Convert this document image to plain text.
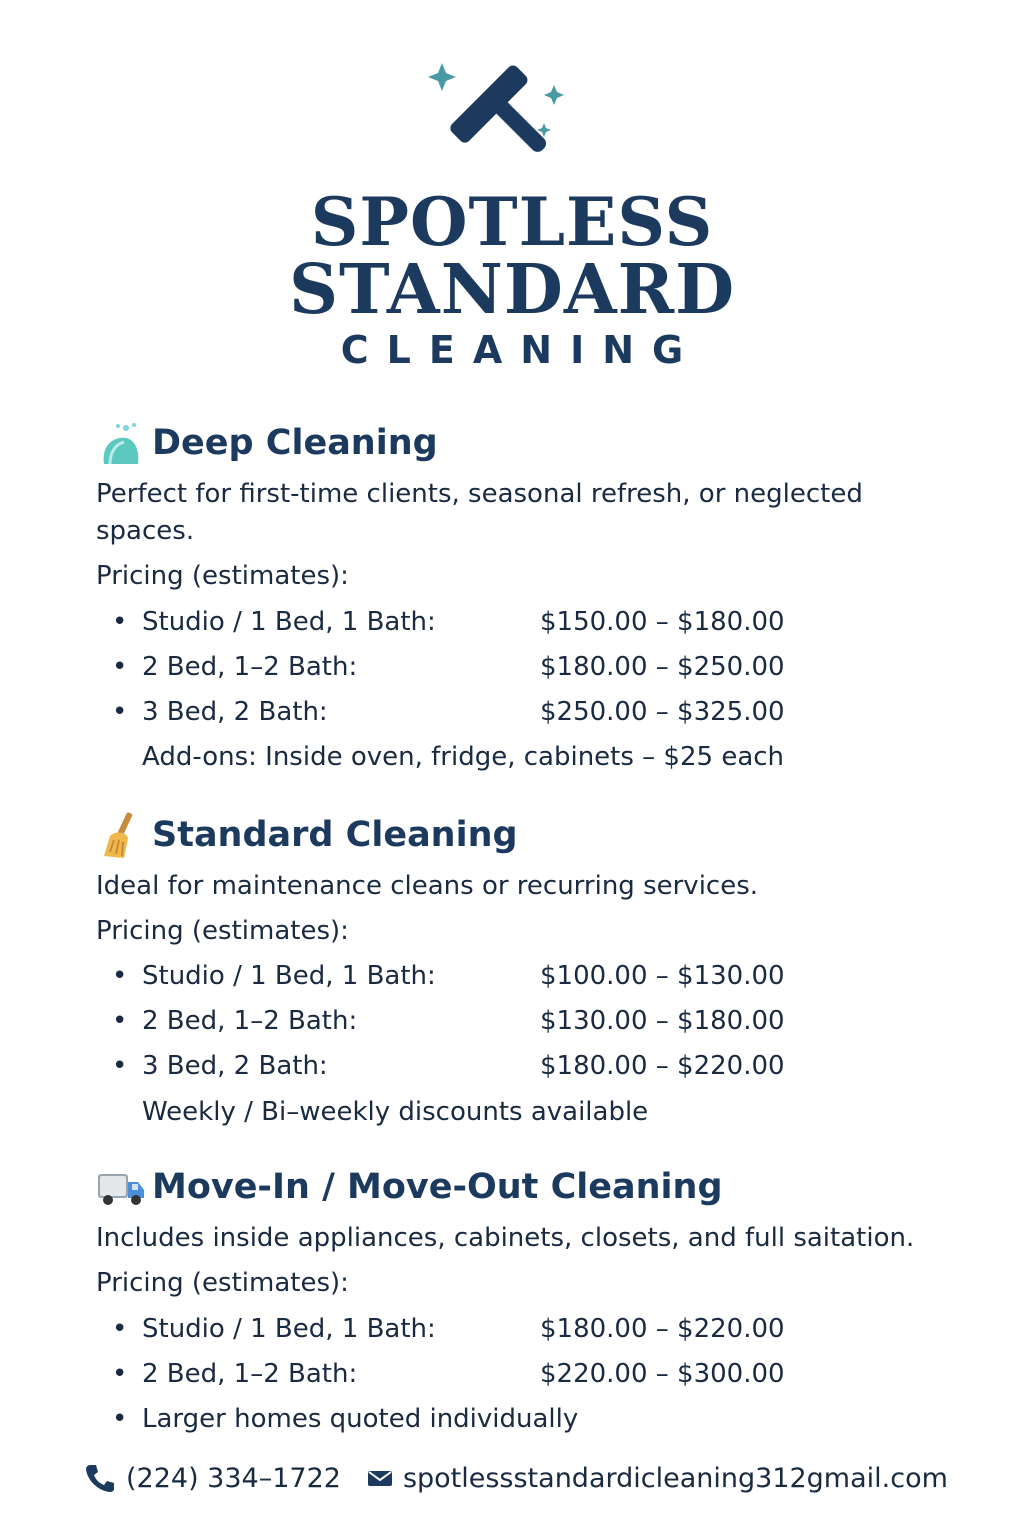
SPOTLESS
STANDARD
CLEANING
Deep Cleaning
Perfect for first-time clients, seasonal refresh, or neglected
spaces.
Pricing (estimates):
• Studio / 1 Bed, 1 Bath:	$150.00 – $180.00
• 2 Bed, 1–2 Bath:	$180.00 – $250.00
• 3 Bed, 2 Bath:	$250.00 – $325.00
Add-ons: Inside oven, fridge, cabinets – $25 each
Standard Cleaning
Ideal for maintenance cleans or recurring services.
Pricing (estimates):
• Studio / 1 Bed, 1 Bath:	$100.00 – $130.00
• 2 Bed, 1–2 Bath:	$130.00 – $180.00
• 3 Bed, 2 Bath:	$180.00 – $220.00
Weekly / Bi–weekly discounts available
Move-In / Move-Out Cleaning
Includes inside appliances, cabinets, closets, and full saitation.
Pricing (estimates):
• Studio / 1 Bed, 1 Bath:	$180.00 – $220.00
• 2 Bed, 1–2 Bath:	$220.00 – $300.00
• Larger homes quoted individually
(224) 334–1722 spotlessstandardicleaning312gmail.com
